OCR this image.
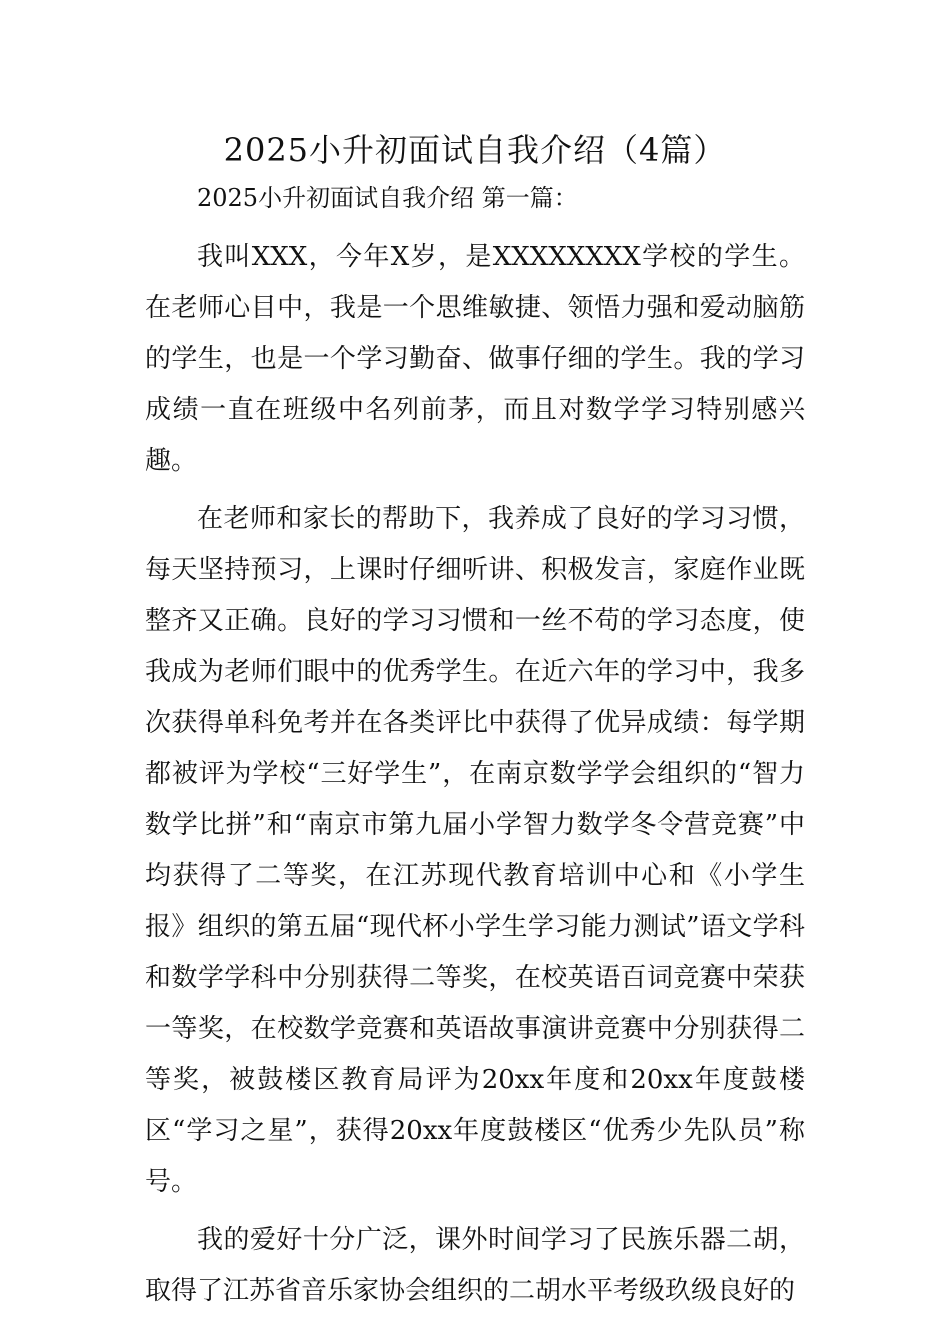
2025小升初面试自我介绍（4篇）
2025小升初面试自我介绍 第一篇：

我叫XXX，今年X岁，是XXXXXXXX学校的学生。在老师心目中，我是一个思维敏捷、领悟力强和爱动脑筋的学生，也是一个学习勤奋、做事仔细的学生。我的学习成绩一直在班级中名列前茅，而且对数学学习特别感兴趣。

在老师和家长的帮助下，我养成了良好的学习习惯，每天坚持预习，上课时仔细听讲、积极发言，家庭作业既整齐又正确。良好的学习习惯和一丝不苟的学习态度，使我成为老师们眼中的优秀学生。在近六年的学习中，我多次获得单科免考并在各类评比中获得了优异成绩：每学期都被评为学校“三好学生”，在南京数学学会组织的“智力数学比拼”和“南京市第九届小学智力数学冬令营竞赛”中均获得了二等奖，在江苏现代教育培训中心和《小学生报》组织的第五届“现代杯小学生学习能力测试”语文学科和数学学科中分别获得二等奖，在校英语百词竞赛中荣获一等奖，在校数学竞赛和英语故事演讲竞赛中分别获得二等奖，被鼓楼区教育局评为20xx年度和20xx年度鼓楼区“学习之星”，获得20xx年度鼓楼区“优秀少先队员”称号。

我的爱好十分广泛，课外时间学习了民族乐器二胡，取得了江苏省音乐家协会组织的二胡水平考级玖级良好的
